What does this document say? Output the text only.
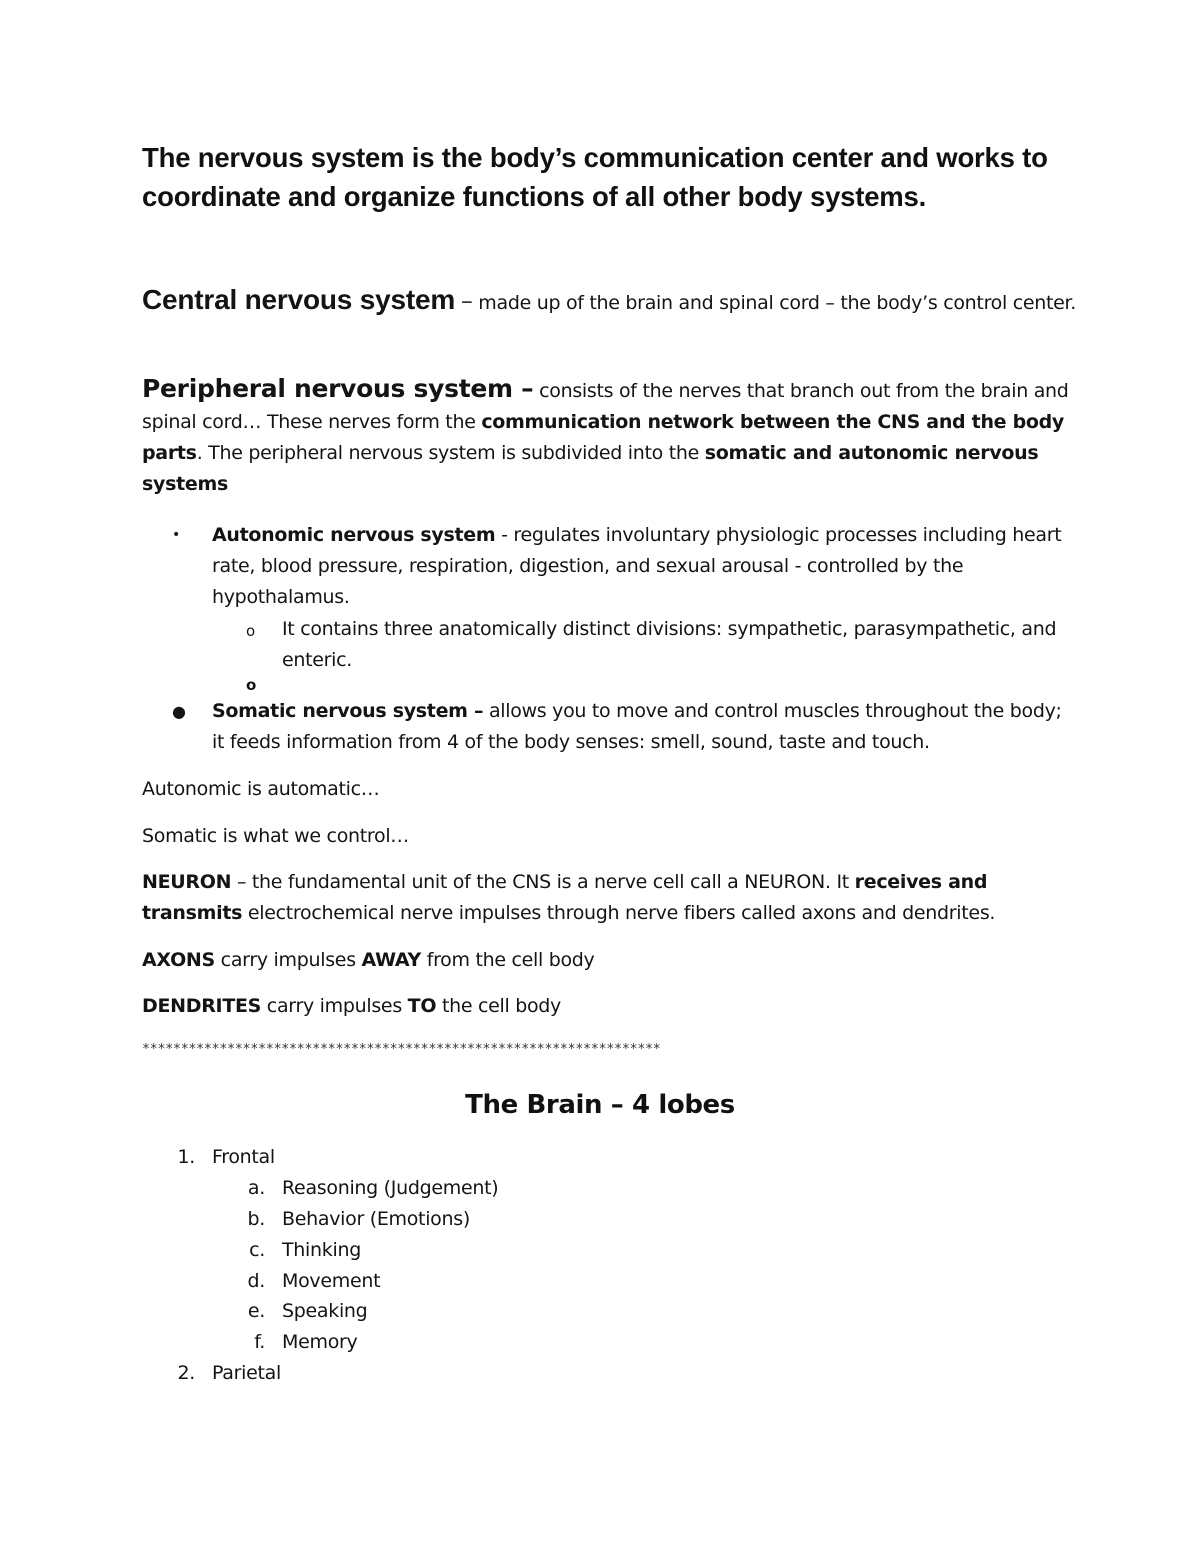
The nervous system is the body’s communication center and works to coordinate and organize functions of all other body systems.

Central nervous system – made up of the brain and spinal cord – the body’s control center.

Peripheral nervous system – consists of the nerves that branch out from the brain and spinal cord… These nerves form the communication network between the CNS and the body parts. The peripheral nervous system is subdivided into the somatic and autonomic nervous systems

• Autonomic nervous system - regulates involuntary physiologic processes including heart rate, blood pressure, respiration, digestion, and sexual arousal - controlled by the hypothalamus.
o It contains three anatomically distinct divisions: sympathetic, parasympathetic, and enteric.
o
● Somatic nervous system – allows you to move and control muscles throughout the body; it feeds information from 4 of the body senses: smell, sound, taste and touch.

Autonomic is automatic…

Somatic is what we control…

NEURON – the fundamental unit of the CNS is a nerve cell call a NEURON. It receives and transmits electrochemical nerve impulses through nerve fibers called axons and dendrites.

AXONS carry impulses AWAY from the cell body

DENDRITES carry impulses TO the cell body

*******************************************************************
The Brain – 4 lobes
1. Frontal
a. Reasoning (Judgement)
b. Behavior (Emotions)
c. Thinking
d. Movement
e. Speaking
f. Memory
2. Parietal
